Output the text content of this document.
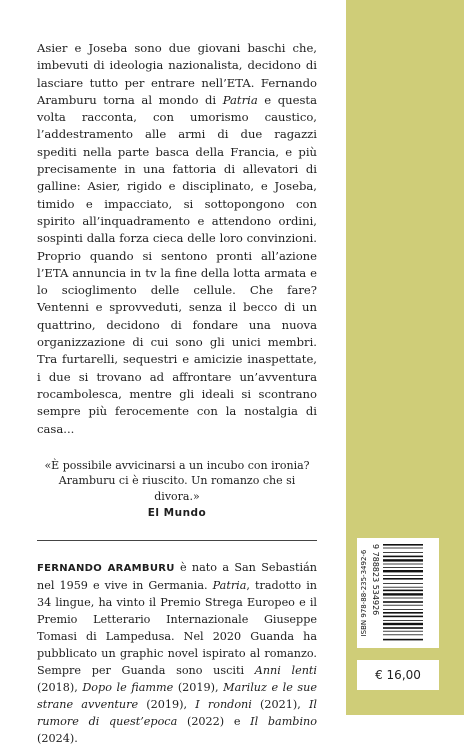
Asier e Joseba sono due giovani baschi che, imbevuti di ideologia nazionalista, decidono di lasciare tutto per entrare nell’ETA. Fernando Aramburu torna al mondo di Patria e questa volta racconta, con umorismo caustico, l’addestramento alle armi di due ragazzi spediti nella parte basca della Francia, e più precisamente in una fattoria di allevatori di galline: Asier, rigido e disciplinato, e Joseba, timido e impacciato, si sottopongono con spirito all’inquadramento e attendono ordini, sospinti dalla forza cieca delle loro convinzioni. Proprio quando si sentono pronti all’azione l’ETA annuncia in tv la fine della lotta armata e lo scioglimento delle cellule. Che fare? Ventenni e sprovveduti, senza il becco di un quattrino, decidono di fondare una nuova organizzazione di cui sono gli unici membri. Tra furtarelli, sequestri e amicizie inaspettate, i due si trovano ad affrontare un’avventura rocambolesca, mentre gli ideali si scontrano sempre più ferocemente con la nostalgia di casa...

«È possibile avvicinarsi a un incubo con ironia?
Aramburu ci è riuscito. Un romanzo che si divora.»
El Mundo

FERNANDO ARAMBURU è nato a San Sebastián nel 1959 e vive in Germania. Patria, tradotto in 34 lingue, ha vinto il Premio Strega Europeo e il Premio Letterario Internazionale Giuseppe Tomasi di Lampedusa. Nel 2020 Guanda ha pubblicato un graphic novel ispirato al romanzo. Sempre per Guanda sono usciti Anni lenti (2018), Dopo le fiamme (2019), Mariluz e le sue strane avventure (2019), I rondoni (2021), Il rumore di quest’epoca (2022) e Il bambino (2024).

ISBN 978-88-235-3492-6 9 788823 534926
€ 16,00
